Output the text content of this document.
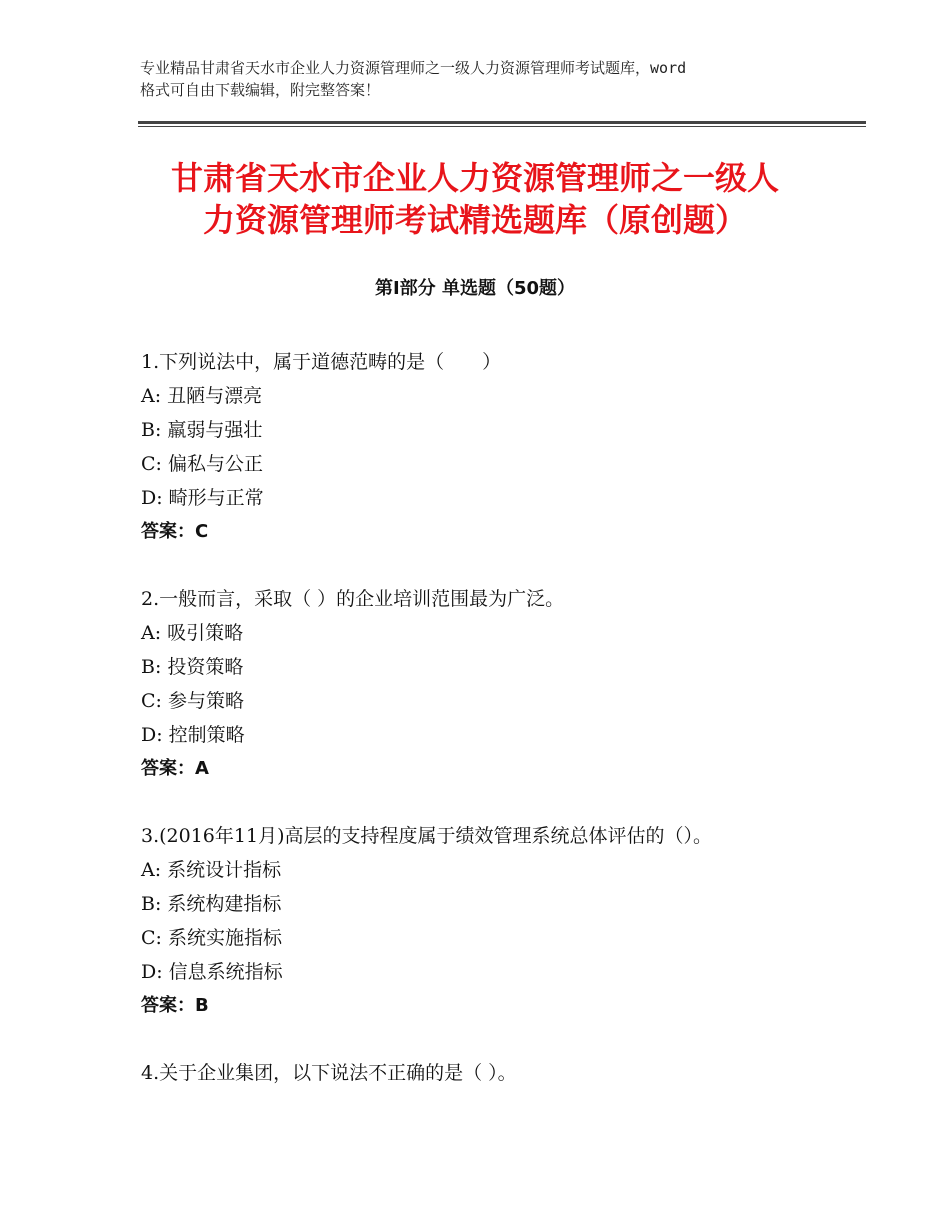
专业精品甘肃省天水市企业人力资源管理师之一级人力资源管理师考试题库，word
格式可自由下载编辑，附完整答案！
甘肃省天水市企业人力资源管理师之一级人
力资源管理师考试精选题库（原创题）
第Ⅰ部分 单选题（50题）
1.下列说法中，属于道德范畴的是（　　）
A: 丑陋与漂亮
B: 羸弱与强壮
C: 偏私与公正
D: 畸形与正常
答案：C
2.一般而言，采取（ ）的企业培训范围最为广泛。
A: 吸引策略
B: 投资策略
C: 参与策略
D: 控制策略
答案：A
3.(2016年11月)高层的支持程度属于绩效管理系统总体评估的（）。
A: 系统设计指标
B: 系统构建指标
C: 系统实施指标
D: 信息系统指标
答案：B
4.关于企业集团，以下说法不正确的是（ ）。
